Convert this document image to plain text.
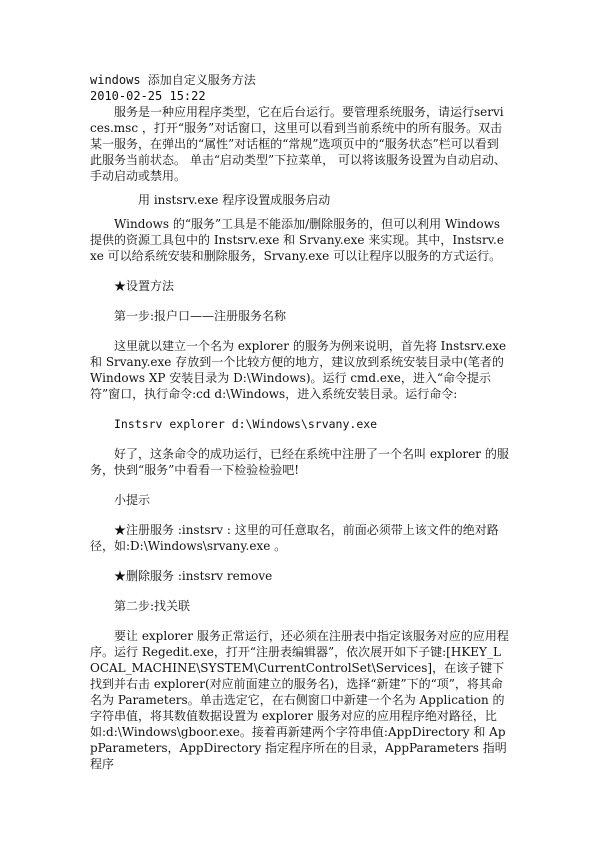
windows 添加自定义服务方法

2010-02-25 15:22

服务是一种应用程序类型，它在后台运行。要管理系统服务，请运行services.msc ，打开“服务”对话窗口，这里可以看到当前系统中的所有服务。双击某一服务，在弹出的“属性”对话框的“常规”选项页中的“服务状态”栏可以看到此服务当前状态。 单击“启动类型”下拉菜单， 可以将该服务设置为自动启动、手动启动或禁用。

用 instsrv.exe 程序设置成服务启动

Windows 的“服务”工具是不能添加/删除服务的，但可以利用 Windows 提供的资源工具包中的 Instsrv.exe 和 Srvany.exe 来实现。其中，Instsrv.exe 可以给系统安装和删除服务，Srvany.exe 可以让程序以服务的方式运行。

★设置方法

第一步:报户口——注册服务名称

这里就以建立一个名为 explorer 的服务为例来说明，首先将 Instsrv.exe 和 Srvany.exe 存放到一个比较方便的地方，建议放到系统安装目录中(笔者的 Windows XP 安装目录为 D:\Windows)。运行 cmd.exe，进入“命令提示符”窗口，执行命令:cd d:\Windows，进入系统安装目录。运行命令:

Instsrv explorer d:\Windows\srvany.exe

好了，这条命令的成功运行，已经在系统中注册了一个名叫 explorer 的服务，快到“服务”中看看一下检验检验吧!

小提示

★注册服务 :instsrv : 这里的可任意取名，前面必须带上该文件的绝对路径，如:D:\Windows\srvany.exe 。

★删除服务 :instsrv remove

第二步:找关联

要让 explorer 服务正常运行，还必须在注册表中指定该服务对应的应用程序。运行 Regedit.exe，打开“注册表编辑器”，依次展开如下子键:[HKEY_LOCAL_MACHINE\SYSTEM\CurrentControlSet\Services]，在该子键下找到并右击 explorer(对应前面建立的服务名)，选择“新建”下的“项”，将其命名为 Parameters。单击选定它，在右侧窗口中新建一个名为 Application 的字符串值，将其数值数据设置为 explorer 服务对应的应用程序绝对路径，比如:d:\Windows\gboor.exe。接着再新建两个字符串值:AppDirectory 和 AppParameters，AppDirectory 指定程序所在的目录，AppParameters 指明程序
